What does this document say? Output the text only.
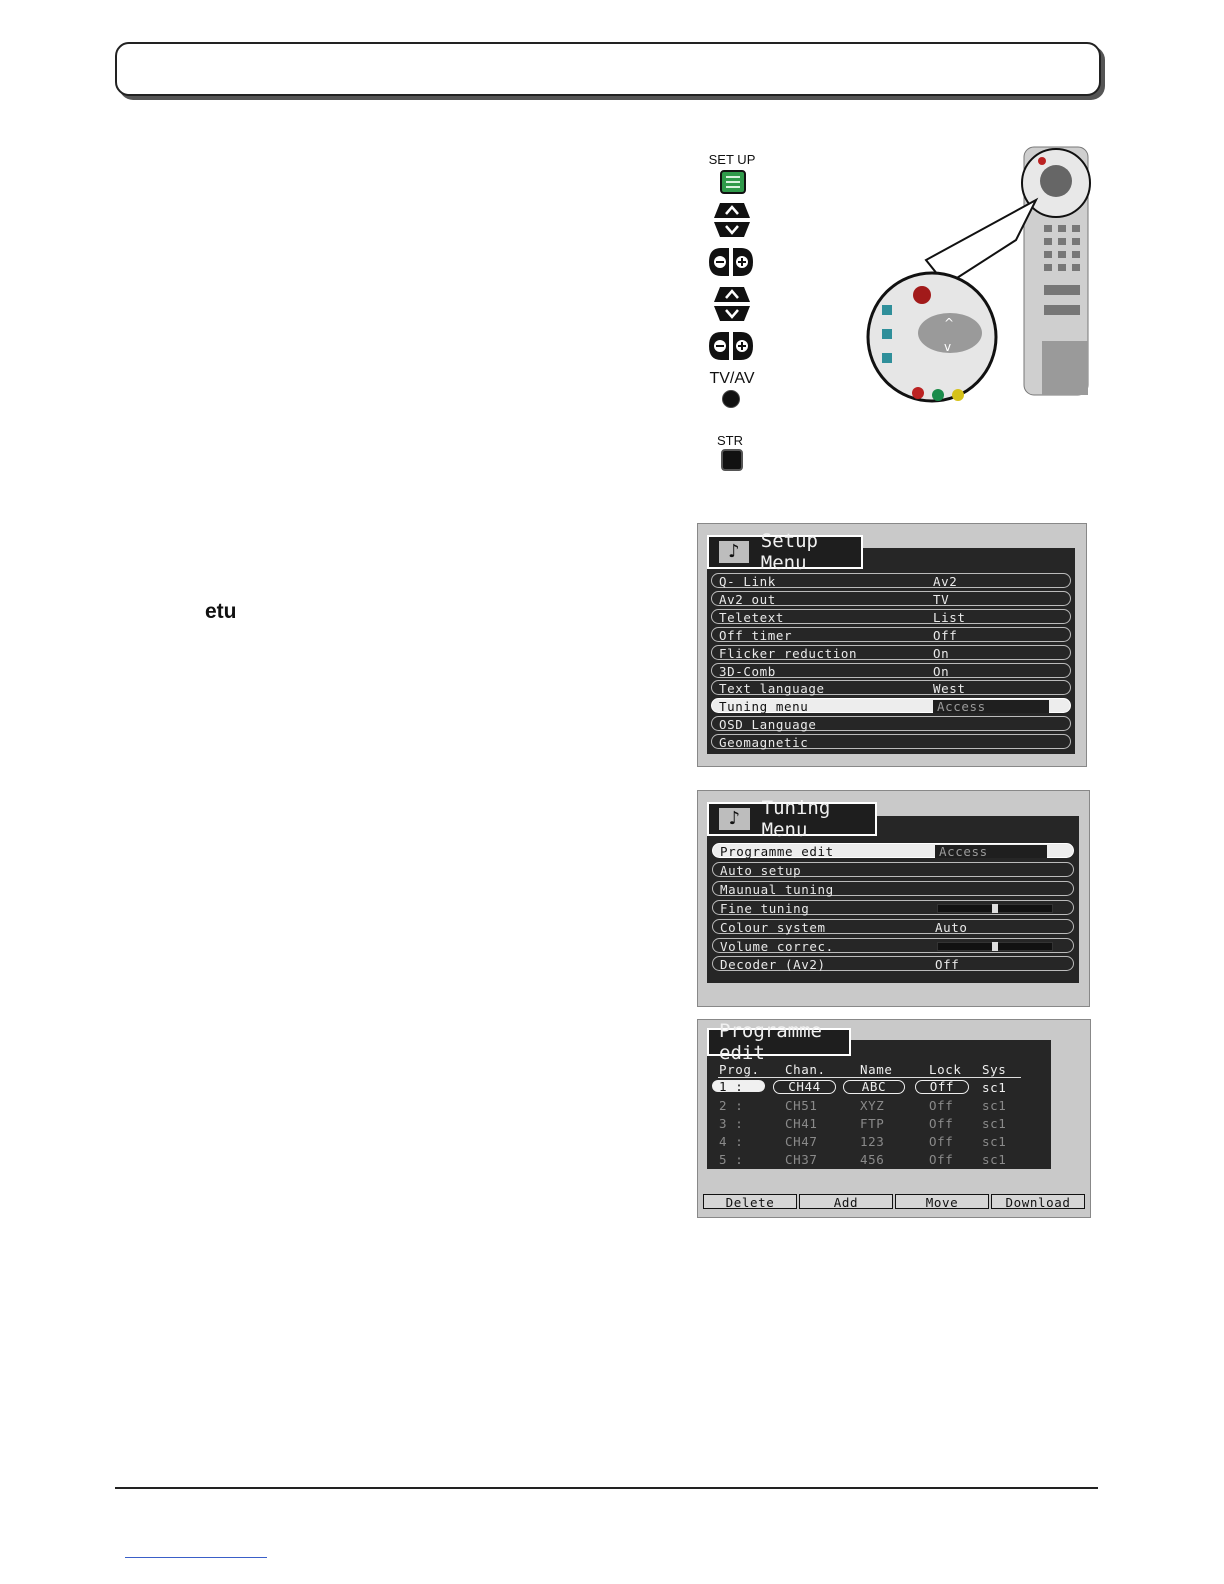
SET UP
TV/AV
STR
^
v
etu
♪	Setup Menu
Q- Link	Av2
Av2 out	TV
Teletext	List
Off timer	Off
Flicker reduction	On
3D-Comb	On
Text language	West
Tuning menu	Access
OSD Language
Geomagnetic
♪	Tuning Menu
Programme edit	Access
Auto setup
Maunual tuning
Fine tuning
Colour system	Auto
Volume correc.
Decoder (Av2)	Off
Programme edit
Prog. Chan.	Name	Lock Sys
1 :	CH44	ABC	Off	sc1
2 :	CH51	XYZ	Off sc1
3 :	CH41	FTP	Off sc1
4 :	CH47	123	Off sc1
5 :	CH37	456	Off sc1
Delete	Add	Move	Download
